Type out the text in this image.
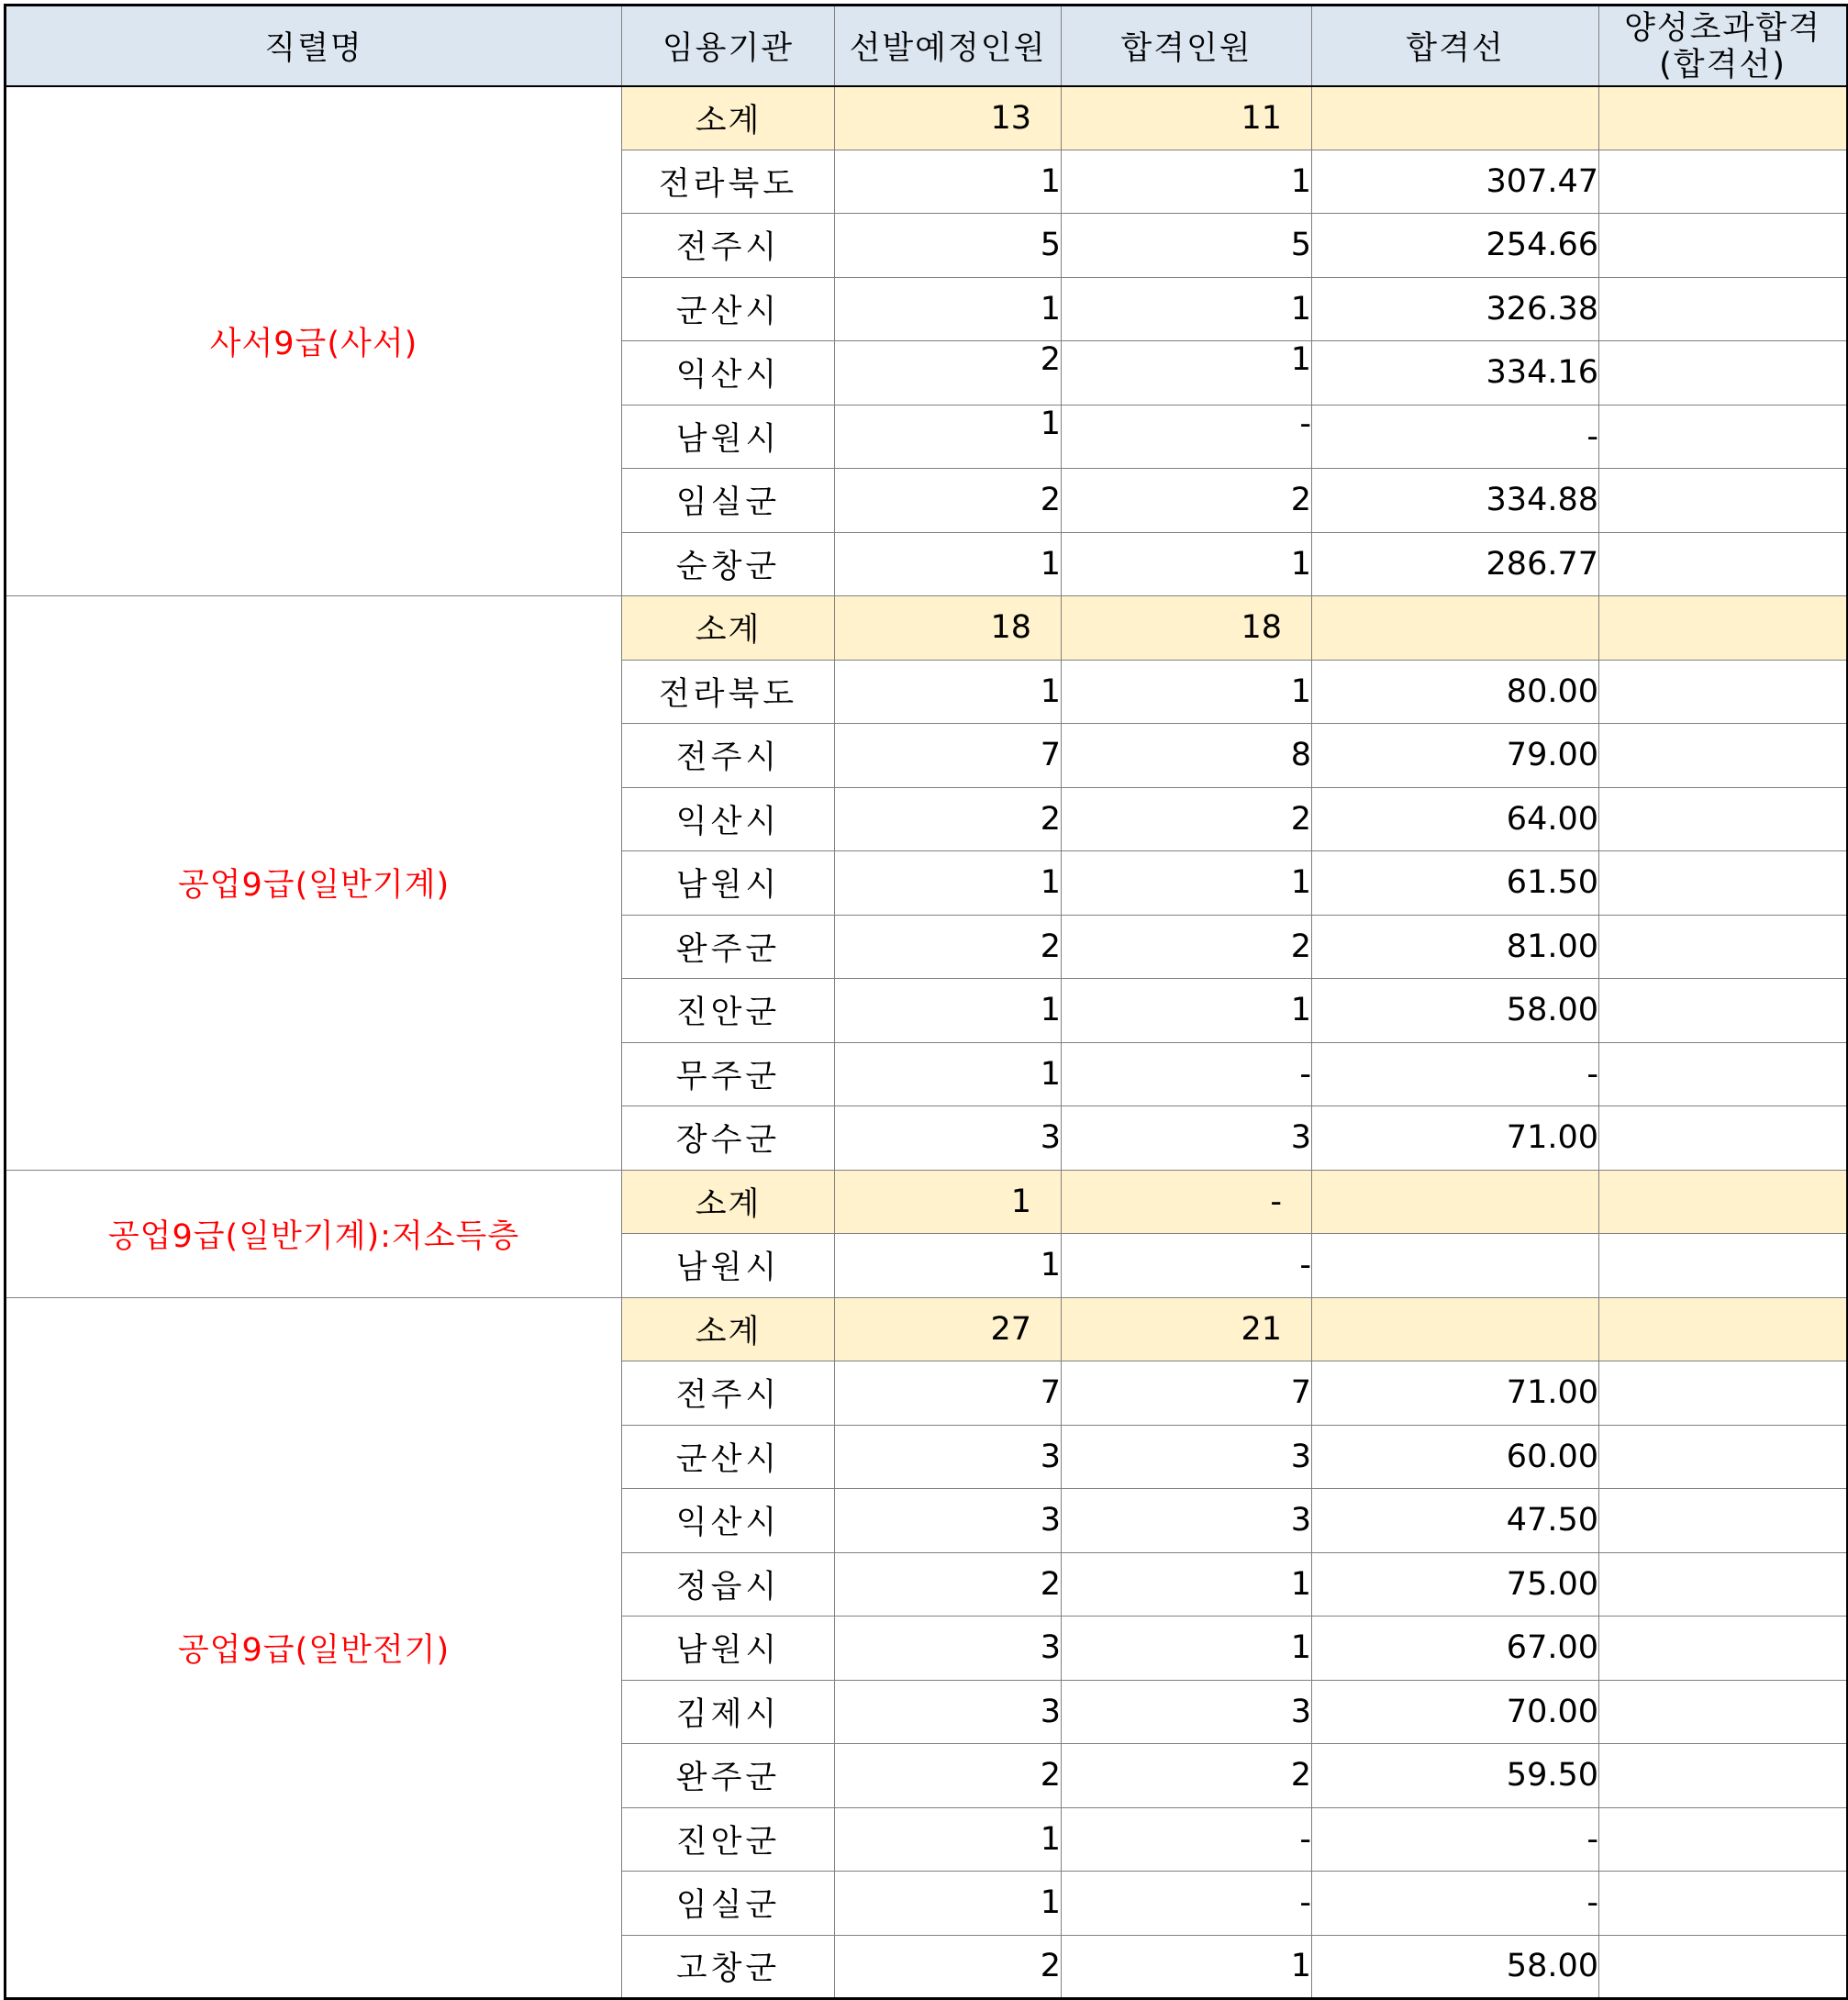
직렬명	임용기관	선발예정인원	합격인원	합격선	양성초과합격
(합격선)

사서9급(사서)	소계	13	11		
	전라북도	1	1	307.47	
	전주시	5	5	254.66	
	군산시	1	1	326.38	
	익산시	2	1	334.16	
	남원시	1	-	-	
	임실군	2	2	334.88	
	순창군	1	1	286.77	
공업9급(일반기계)	소계	18	18		
	전라북도	1	1	80.00	
	전주시	7	8	79.00	
	익산시	2	2	64.00	
	남원시	1	1	61.50	
	완주군	2	2	81.00	
	진안군	1	1	58.00	
	무주군	1	-	-	
	장수군	3	3	71.00	
공업9급(일반기계):저소득층	소계	1	-		
	남원시	1	-		
공업9급(일반전기)	소계	27	21		
	전주시	7	7	71.00	
	군산시	3	3	60.00	
	익산시	3	3	47.50	
	정읍시	2	1	75.00	
	남원시	3	1	67.00	
	김제시	3	3	70.00	
	완주군	2	2	59.50	
	진안군	1	-	-	
	임실군	1	-	-	
	고창군	2	1	58.00	
